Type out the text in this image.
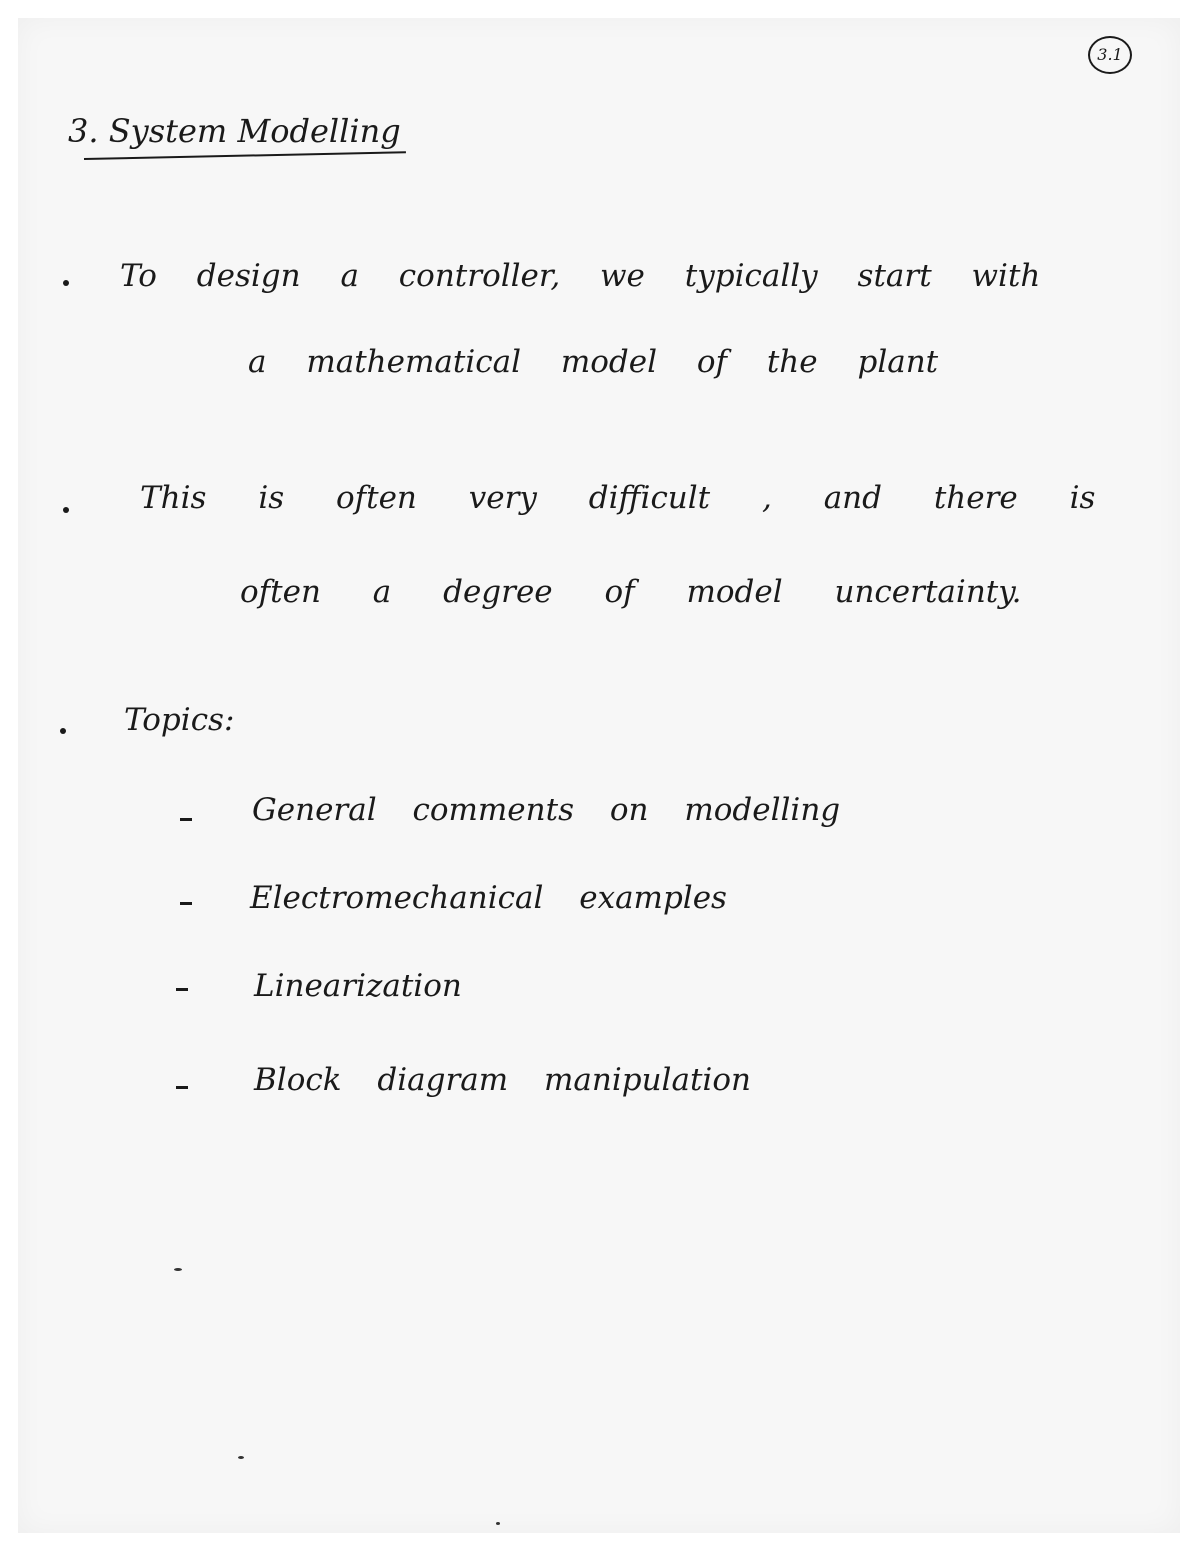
3.1
3. System Modelling
To design a controller, we typically start with
a mathematical model of the plant
This is often very difficult , and there is
often a degree of model uncertainty.
Topics:
General comments on modelling
Electromechanical examples
Linearization
Block diagram manipulation
